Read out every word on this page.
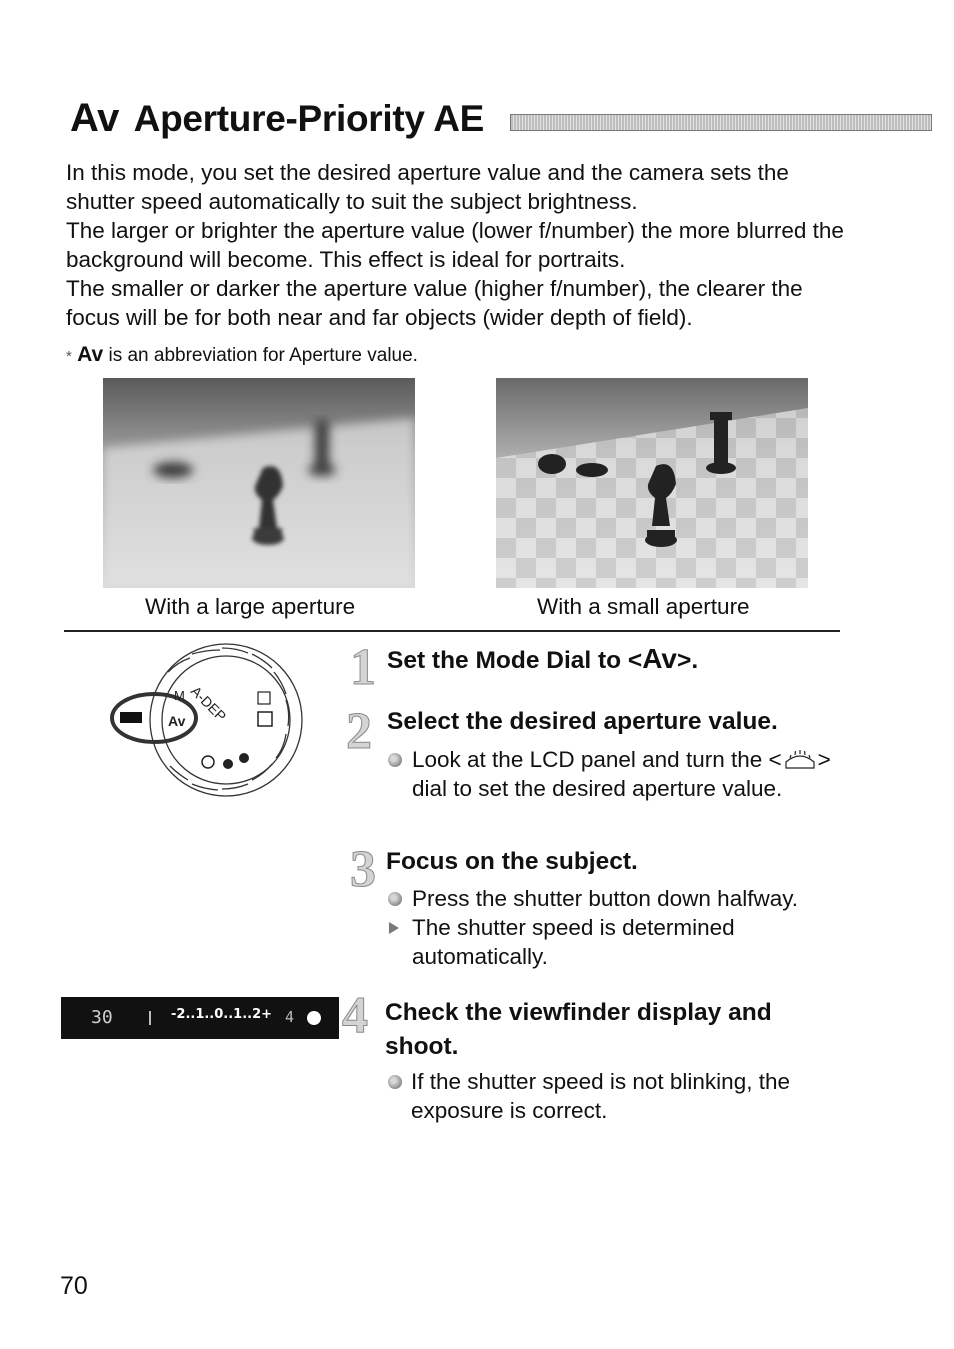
Av Aperture-Priority AE

In this mode, you set the desired aperture value and the camera sets the shutter speed automatically to suit the subject brightness.

The larger or brighter the aperture value (lower f/number) the more blurred the background will become. This effect is ideal for portraits.

The smaller or darker the aperture value (higher f/number), the clearer the focus will be for both near and far objects (wider depth of field).

* Av is an abbreviation for Aperture value.
With a large aperture	With a small aperture
A-DEP
M
Av
1 Set the Mode Dial to <Av>.
2 Select the desired aperture value.
Look at the LCD panel and turn the < > dial to set the desired aperture value.
3 Focus on the subject.
Press the shutter button down halfway.
The shutter speed is determined automatically.
30	-2..1..0..1..2+ 4 4 Check the viewfinder display and
shoot.
If the shutter speed is not blinking, the exposure is correct.
70
